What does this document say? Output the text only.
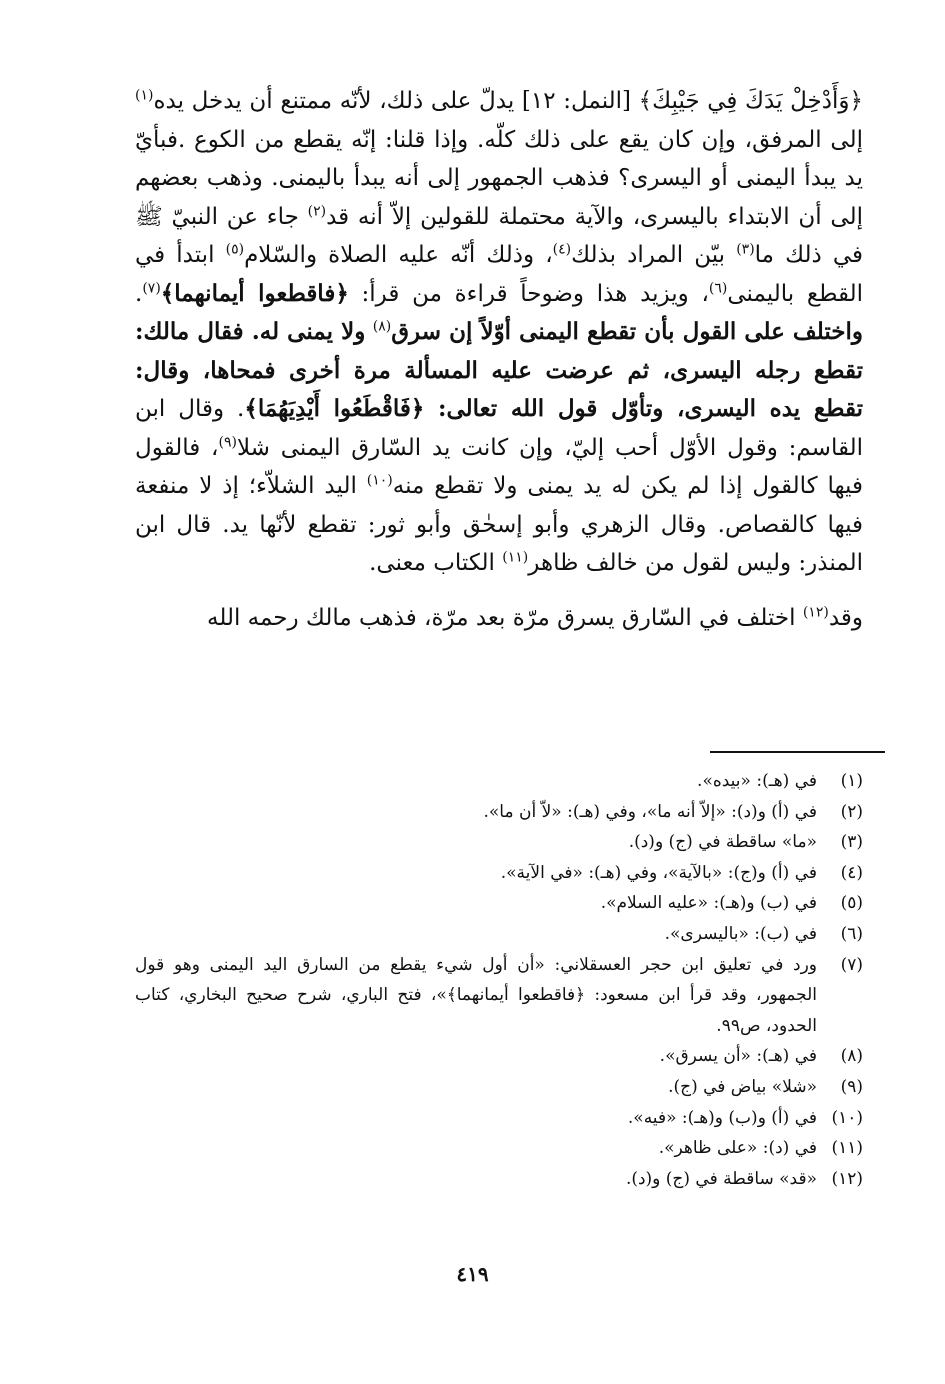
﴿وَأَدْخِلْ يَدَكَ فِي جَيْبِكَ﴾ [النمل: ١٢] يدلّ على ذلك، لأنّه ممتنع أن يدخل يده$^{(١)}$ إلى المرفق، وإن كان يقع على ذلك كلّه. وإذا قلنا: إنّه يقطع من الكوع .فبأيّ يد يبدأ اليمنى أو اليسرى؟ فذهب الجمهور إلى أنه يبدأ باليمنى. وذهب بعضهم إلى أن الابتداء باليسرى، والآية محتملة للقولين إلاّ أنه قد$^{(٢)}$ جاء عن النبيّ ﷺ في ذلك ما$^{(٣)}$ بيّن المراد بذلك$^{(٤)}$، وذلك أنّه عليه الصلاة والسّلام$^{(٥)}$ ابتدأ في القطع باليمنى$^{(٦)}$، ويزيد هذا وضوحاً قراءة من قرأ: ﴿فاقطعوا أيمانهما﴾$^{(٧)}$. واختلف على القول بأن تقطع اليمنى أوّلاً إن سرق$^{(٨)}$ ولا يمنى له. فقال مالك: تقطع رجله اليسرى، ثم عرضت عليه المسألة مرة أخرى فمحاها، وقال: تقطع يده اليسرى، وتأوّل قول الله تعالى: ﴿فَاقْطَعُوا أَيْدِيَهُمَا﴾. وقال ابن القاسم: وقول الأوّل أحب إليّ، وإن كانت يد السّارق اليمنى شلا$^{(٩)}$، فالقول فيها كالقول إذا لم يكن له يد يمنى ولا تقطع منه$^{(١٠)}$ اليد الشلاّء؛ إذ لا منفعة فيها كالقصاص. وقال الزهري وأبو إسحٰق وأبو ثور: تقطع لأنّها يد. قال ابن المنذر: وليس لقول من خالف ظاهر$^{(١١)}$ الكتاب معنى.

وقد$^{(١٢)}$ اختلف في السّارق يسرق مرّة بعد مرّة، فذهب مالك رحمه الله

(١)
في (هـ): «بيده».
(٢)
في (أ) و(د): «إلاّ أنه ما»، وفي (هـ): «لاّ أن ما».
(٣)
«ما» ساقطة في (ج) و(د).
(٤)
في (أ) و(ج): «بالآية»، وفي (هـ): «في الآية».
(٥)
في (ب) و(هـ): «عليه السلام».
(٦)
في (ب): «باليسرى».
(٧)
ورد في تعليق ابن حجر العسقلاني: «أن أول شيء يقطع من السارق اليد اليمنى وهو قول الجمهور، وقد قرأ ابن مسعود: ﴿فاقطعوا أيمانهما﴾»، فتح الباري، شرح صحيح البخاري، كتاب الحدود، ص٩٩.
(٨)
في (هـ): «أن يسرق».
(٩)
«شلا» بياض في (ج).
(١٠)
في (أ) و(ب) و(هـ): «فيه».
(١١)
في (د): «على ظاهر».
(١٢)
«قد» ساقطة في (ج) و(د).
٤١٩
